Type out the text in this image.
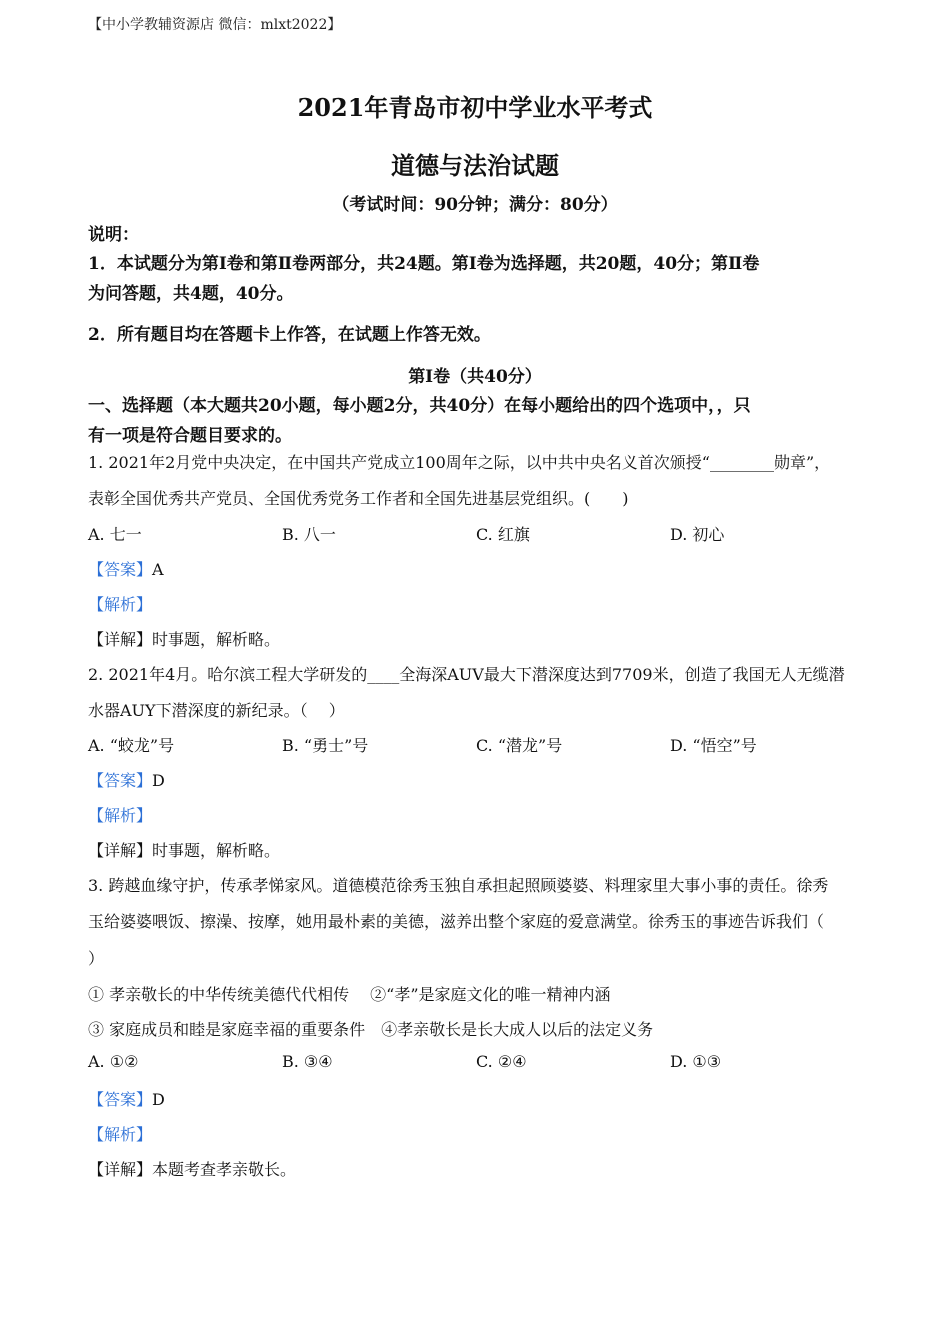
【中小学教辅资源店 微信：mlxt2022】
2021年青岛市初中学业水平考式
道德与法治试题
（考试时间：90分钟；满分：80分）
说明：
1．本试题分为第Ⅰ卷和第Ⅱ卷两部分，共24题。第Ⅰ卷为选择题，共20题，40分；第Ⅱ卷
为问答题，共4题，40分。
2．所有题目均在答题卡上作答，在试题上作答无效。
第Ⅰ卷（共40分）
一、选择题（本大题共20小题，每小题2分，共40分）在每小题给出的四个选项中，，只
有一项是符合题目要求的。
1. 2021年2月党中央决定，在中国共产党成立100周年之际，以中共中央名义首次颁授“________勋章”，
表彰全国优秀共产党员、全国优秀党务工作者和全国先进基层党组织。(　　)
A. 七一	B. 八一	C. 红旗	D. 初心
【答案】A
【解析】
【详解】时事题，解析略。
2. 2021年4月。哈尔滨工程大学研发的____全海深AUV最大下潜深度达到7709米，创造了我国无人无缆潜
水器AUY下潜深度的新纪录。（　 ）
A. “蛟龙”号	B. “勇士”号	C. “潜龙”号	D. “悟空”号
【答案】D
【解析】
【详解】时事题，解析略。
3. 跨越血缘守护，传承孝悌家风。道德模范徐秀玉独自承担起照顾婆婆、料理家里大事小事的责任。徐秀
玉给婆婆喂饭、擦澡、按摩，她用最朴素的美德，滋养出整个家庭的爱意满堂。徐秀玉的事迹告诉我们（
）
① 孝亲敬长的中华传统美德代代相传　 ②“孝”是家庭文化的唯一精神内涵
③ 家庭成员和睦是家庭幸福的重要条件　④孝亲敬长是长大成人以后的法定义务
A. ①②	B. ③④	C. ②④	D. ①③
【答案】D
【解析】
【详解】本题考查孝亲敬长。
